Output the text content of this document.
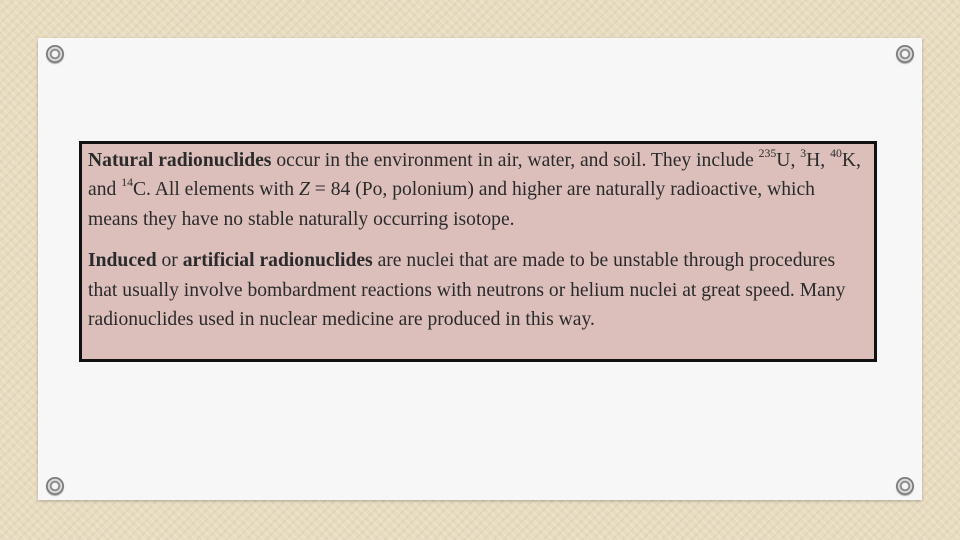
Natural radionuclides occur in the environment in air, water, and soil. They include $^{235}$U, $^3$H, $^{40}$K, and $^{14}$C. All elements with Z = 84 (Po, polonium) and higher are naturally radioactive, which means they have no stable naturally occurring isotope.

Induced or artificial radionuclides are nuclei that are made to be unstable through procedures that usually involve bombardment reactions with neutrons or helium nuclei at great speed. Many radionuclides used in nuclear medicine are produced in this way.
